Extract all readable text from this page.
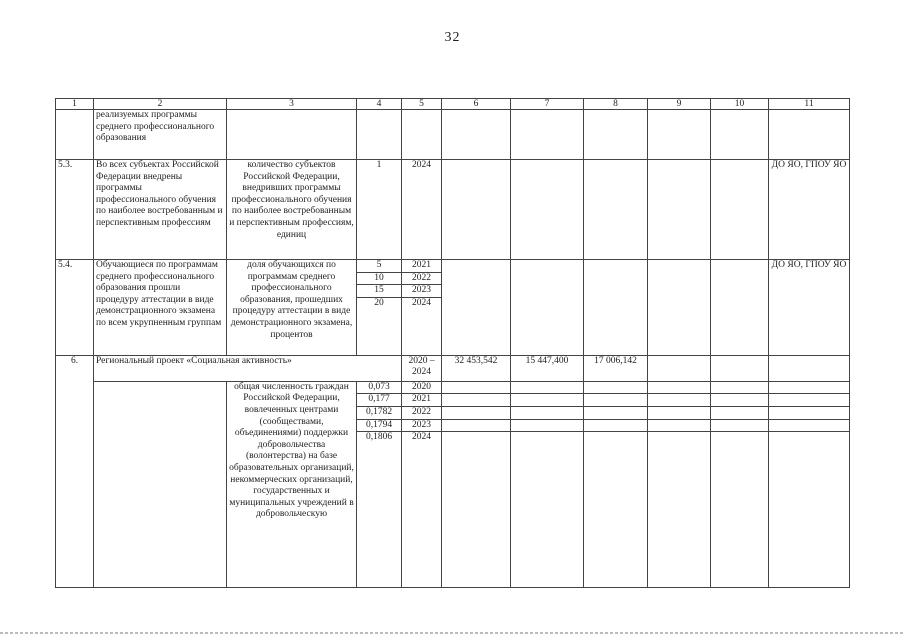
32
1	2	3	4	5	6	7	8	9	10	11
	реализуемых программы среднего профессионального образования									
5.3.	Во всех субъектах Российской Федерации внедрены программы профессионального обучения по наиболее востребованным и перспективным профессиям	количество субъектов Российской Федерации, внедривших программы профессионального обучения по наиболее востребованным и перспективным профессиям, единиц	1	2024						ДО ЯО, ГПОУ ЯО
5.4.	Обучающиеся по программам среднего профессионального образования прошли процедуру аттестации в виде демонстрационного экзамена по всем укрупненным группам	доля обучающихся по программам среднего профессионального образования, прошедших процедуру аттестации в виде демонстрационного экзамена, процентов	5	2021						ДО ЯО, ГПОУ ЯО
			10	2022						
			15	2023						
			20	2024						
6.	Региональный проект «Социальная активность»			2020 – 2024	32 453,542	15 447,400	17 006,142			
		общая численность граждан Российской Федерации, вовлеченных центрами (сообществами, объединениями) поддержки добровольчества (волонтерства) на базе образовательных организаций, некоммерческих организаций, государственных и муниципальных учреждений в добровольческую	0,073	2020						
			0,177	2021						
			0,1782	2022						
			0,1794	2023						
			0,1806	2024						
